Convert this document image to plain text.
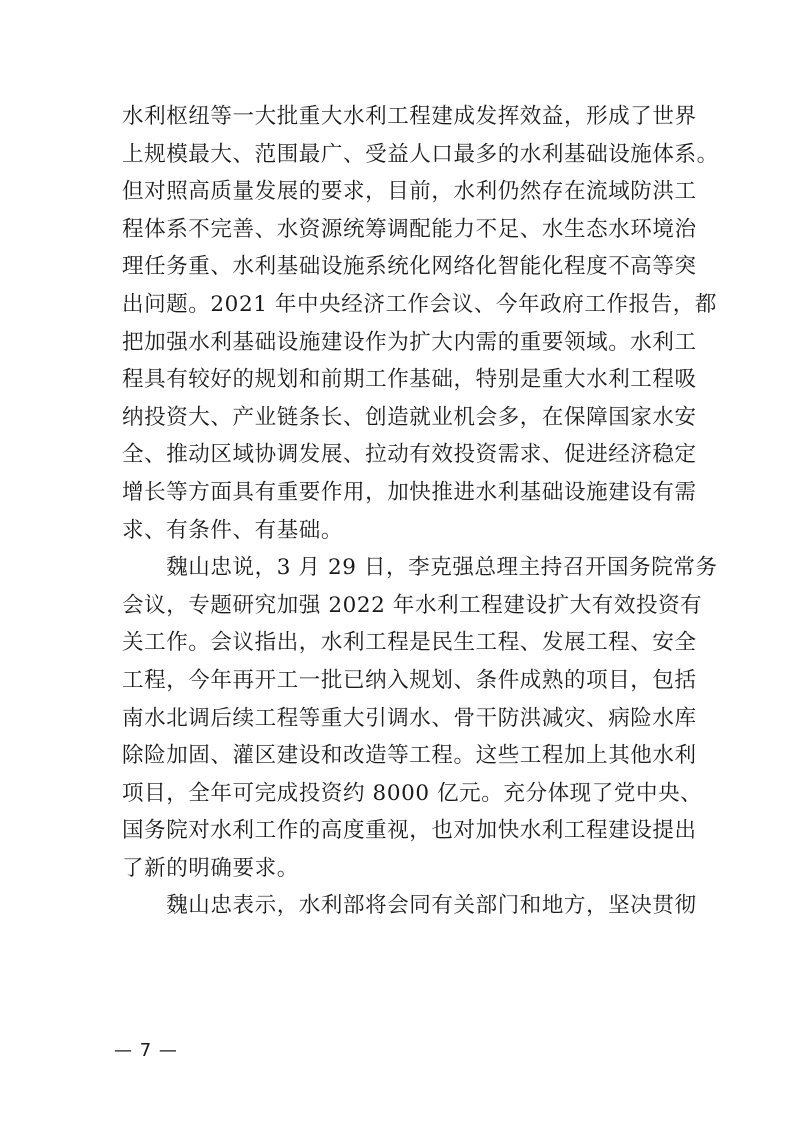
水利枢纽等一大批重大水利工程建成发挥效益，形成了世界
上规模最大、范围最广、受益人口最多的水利基础设施体系。
但对照高质量发展的要求，目前，水利仍然存在流域防洪工
程体系不完善、水资源统筹调配能力不足、水生态水环境治
理任务重、水利基础设施系统化网络化智能化程度不高等突
出问题。2021 年中央经济工作会议、今年政府工作报告，都
把加强水利基础设施建设作为扩大内需的重要领域。水利工
程具有较好的规划和前期工作基础，特别是重大水利工程吸
纳投资大、产业链条长、创造就业机会多，在保障国家水安
全、推动区域协调发展、拉动有效投资需求、促进经济稳定
增长等方面具有重要作用，加快推进水利基础设施建设有需
求、有条件、有基础。
　　魏山忠说，3 月 29 日，李克强总理主持召开国务院常务
会议，专题研究加强 2022 年水利工程建设扩大有效投资有
关工作。会议指出，水利工程是民生工程、发展工程、安全
工程，今年再开工一批已纳入规划、条件成熟的项目，包括
南水北调后续工程等重大引调水、骨干防洪减灾、病险水库
除险加固、灌区建设和改造等工程。这些工程加上其他水利
项目，全年可完成投资约 8000 亿元。充分体现了党中央、
国务院对水利工作的高度重视，也对加快水利工程建设提出
了新的明确要求。
　　魏山忠表示，水利部将会同有关部门和地方，坚决贯彻
— 7 —
